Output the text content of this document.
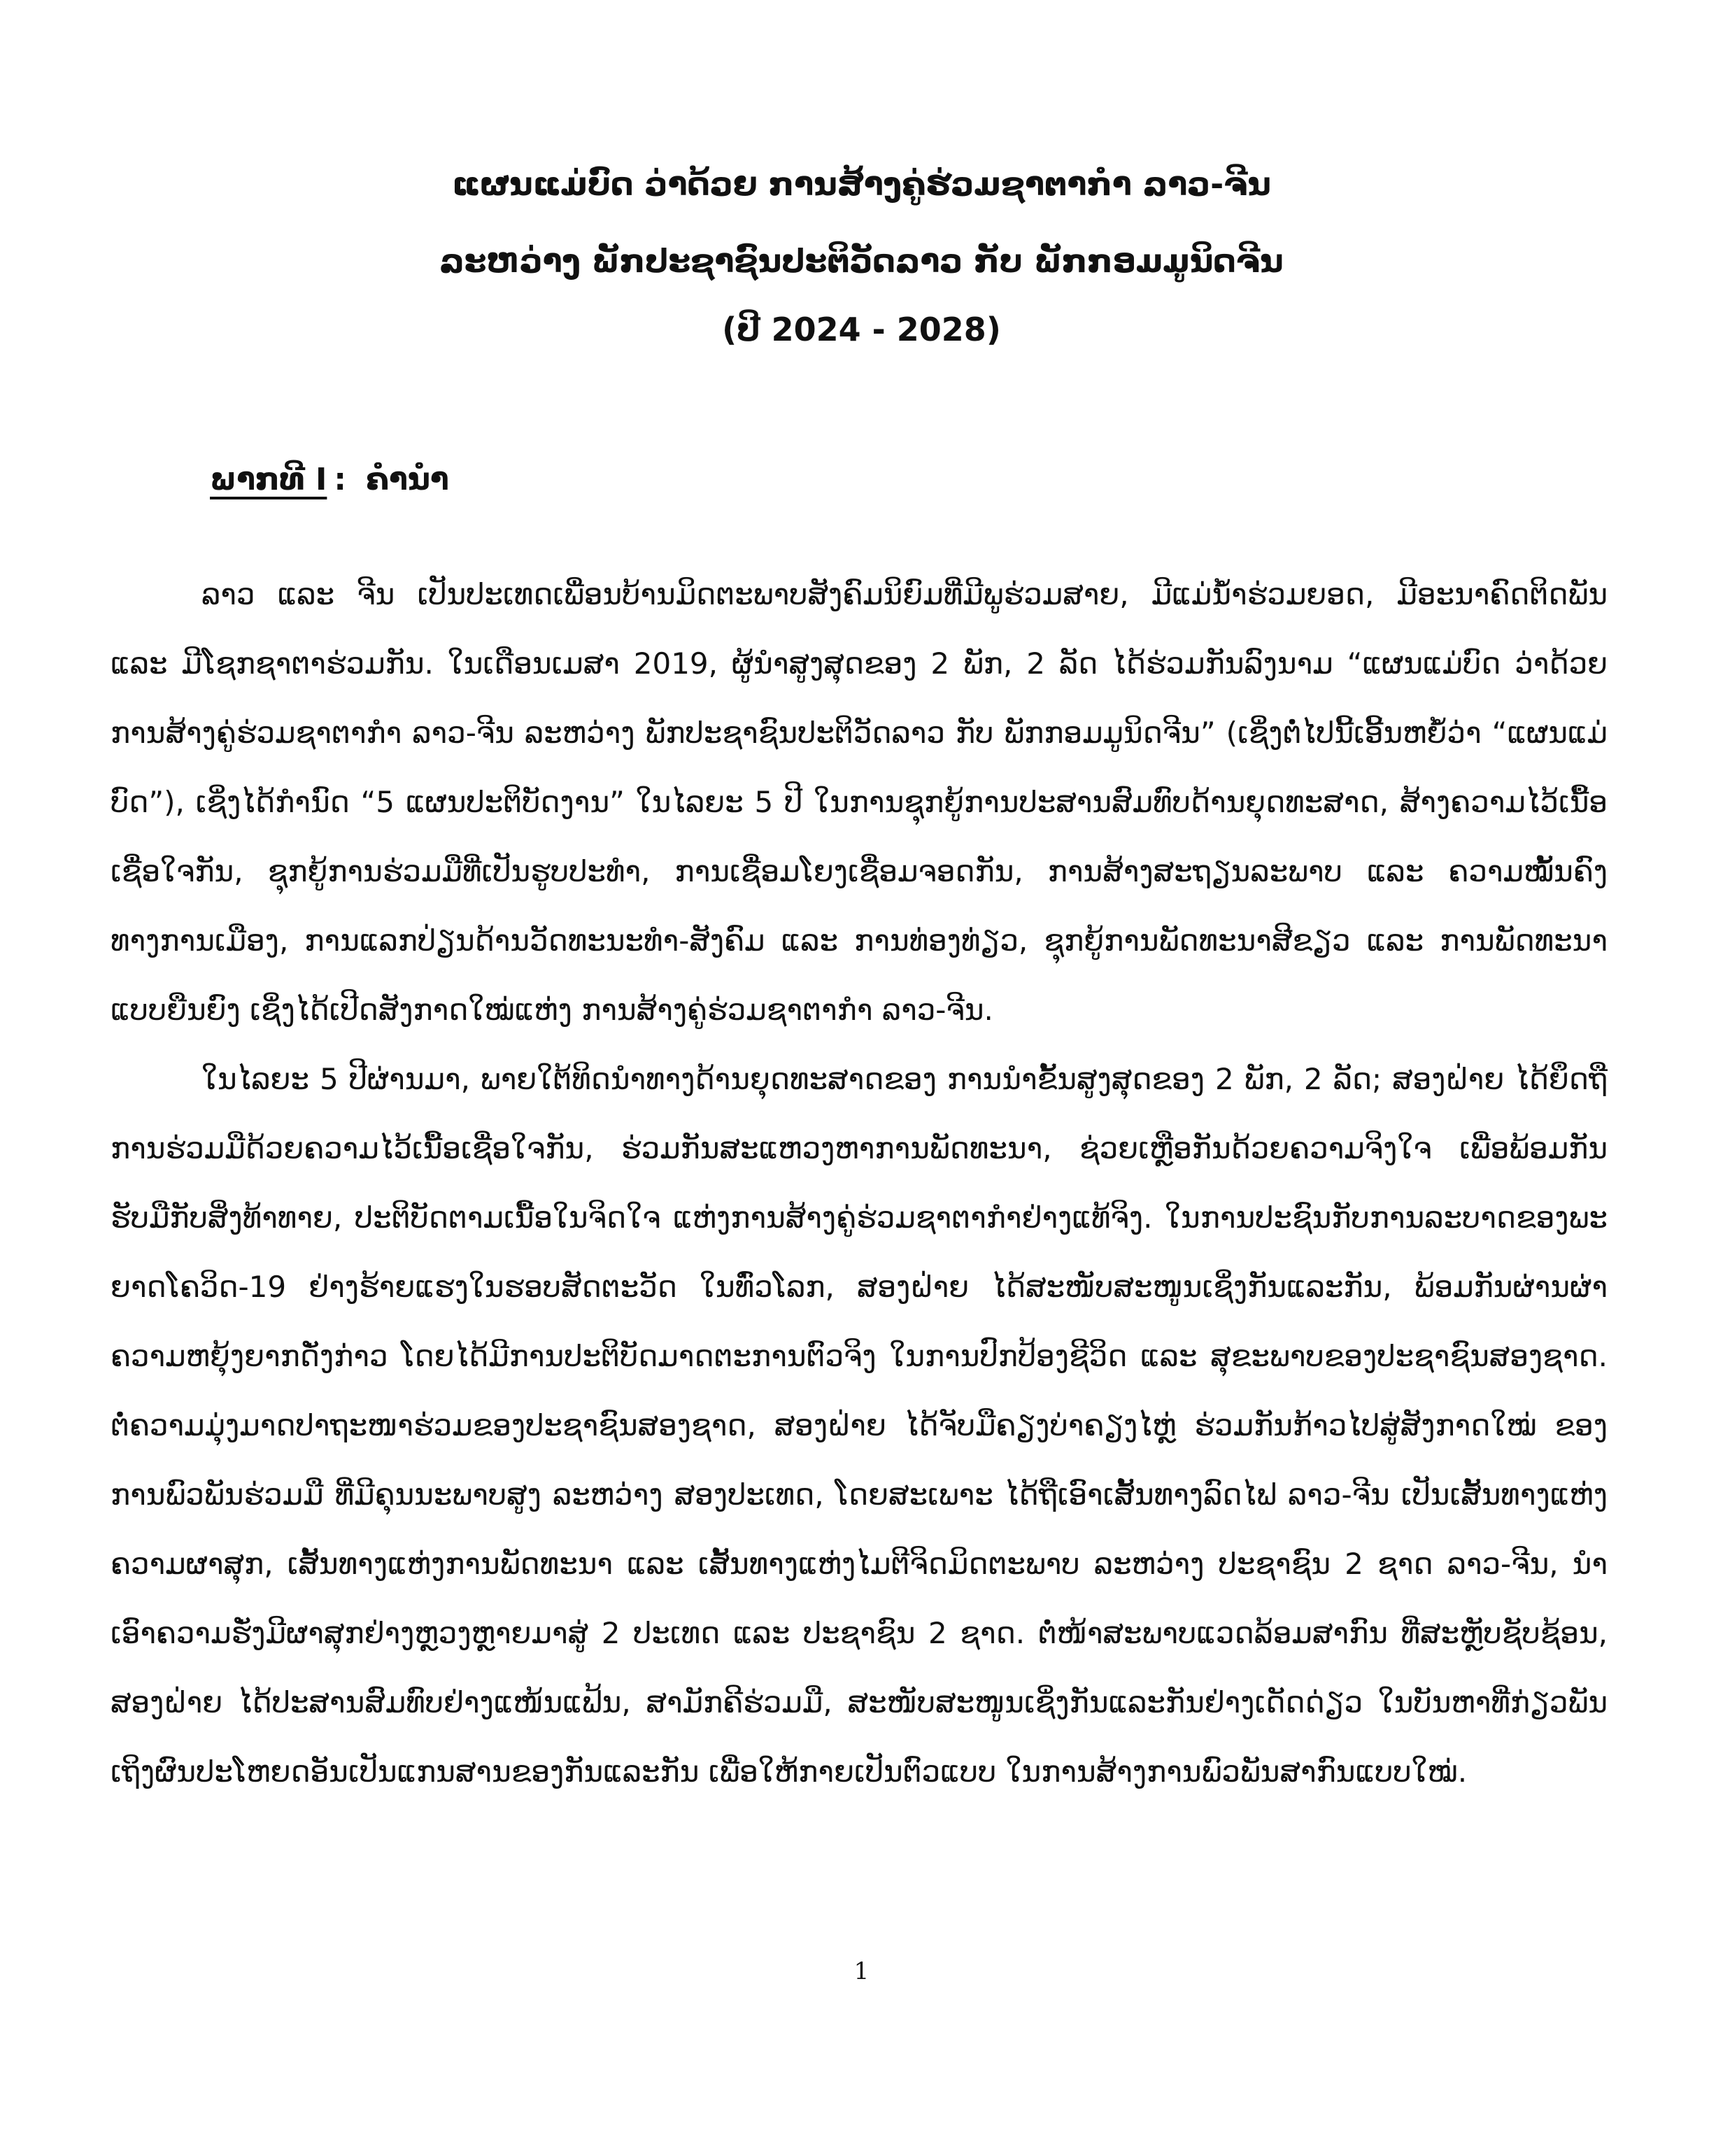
ແຜນແມ່ບົດ ວ່າດ້ວຍ ການສ້າງຄູ່ຮ່ວມຊາຕາກຳ ລາວ-ຈີນ
ລະຫວ່າງ ພັກປະຊາຊົນປະຕິວັດລາວ ກັບ ພັກກອມມູນິດຈີນ
(ປີ 2024 - 2028)
ພາກທີ I : ຄຳນຳ

ລາວ ແລະ ຈີນ ເປັນປະເທດເພື່ອນບ້ານມິດຕະພາບສັງຄົມນິຍົມທີ່ມີພູຮ່ວມສາຍ, ມີແມ່ນ້ຳຮ່ວມຍອດ, ມີອະນາຄົດຕິດພັນ ແລະ ມີໂຊກຊາຕາຮ່ວມກັນ. ໃນເດືອນເມສາ 2019, ຜູ້ນຳສູງສຸດຂອງ 2 ພັກ, 2 ລັດ ໄດ້ຮ່ວມກັນລົງນາມ “ແຜນແມ່ບົດ ວ່າດ້ວຍ ການສ້າງຄູ່ຮ່ວມຊາຕາກຳ ລາວ-ຈີນ ລະຫວ່າງ ພັກປະຊາຊົນປະຕິວັດລາວ ກັບ ພັກກອມມູນິດຈີນ” (ເຊິ່ງຕໍ່ໄປນີ້ເອີ້ນຫຍໍ້ວ່າ “ແຜນແມ່ບົດ”), ເຊິ່ງໄດ້ກຳນົດ “5 ແຜນປະຕິບັດງານ” ໃນໄລຍະ 5 ປີ ໃນການຊຸກຍູ້ການປະສານສົມທົບດ້ານຍຸດທະສາດ, ສ້າງຄວາມໄວ້ເນື້ອເຊື່ອໃຈກັນ, ຊຸກຍູ້ການຮ່ວມມືທີ່ເປັນຮູບປະທຳ, ການເຊື່ອມໂຍງເຊື່ອມຈອດກັນ, ການສ້າງສະຖຽນລະພາບ ແລະ ຄວາມໝັ້ນຄົງທາງການເມືອງ, ການແລກປ່ຽນດ້ານວັດທະນະທຳ-ສັງຄົມ ແລະ ການທ່ອງທ່ຽວ, ຊຸກຍູ້ການພັດທະນາສີຂຽວ ແລະ ການພັດທະນາແບບຍືນຍົງ ເຊິ່ງໄດ້ເປີດສັງກາດໃໝ່ແຫ່ງ ການສ້າງຄູ່ຮ່ວມຊາຕາກຳ ລາວ-ຈີນ.

ໃນໄລຍະ 5 ປີຜ່ານມາ, ພາຍໃຕ້ທິດນຳທາງດ້ານຍຸດທະສາດຂອງ ການນຳຂັ້ນສູງສຸດຂອງ 2 ພັກ, 2 ລັດ; ສອງຝ່າຍ ໄດ້ຍຶດຖືການຮ່ວມມືດ້ວຍຄວາມໄວ້ເນື້ອເຊື່ອໃຈກັນ, ຮ່ວມກັນສະແຫວງຫາການພັດທະນາ, ຊ່ວຍເຫຼືອກັນດ້ວຍຄວາມຈິງໃຈ ເພື່ອພ້ອມກັນຮັບມືກັບສິ່ງທ້າທາຍ, ປະຕິບັດຕາມເນື້ອໃນຈິດໃຈ ແຫ່ງການສ້າງຄູ່ຮ່ວມຊາຕາກຳຢ່າງແທ້ຈິງ. ໃນການປະຊົນກັບການລະບາດຂອງພະຍາດໂຄວິດ-19 ຢ່າງຮ້າຍແຮງໃນຮອບສັດຕະວັດ ໃນທົ່ວໂລກ, ສອງຝ່າຍ ໄດ້ສະໜັບສະໜູນເຊິ່ງກັນແລະກັນ, ພ້ອມກັນຜ່ານຜ່າຄວາມຫຍຸ້ງຍາກດັ່ງກ່າວ ໂດຍໄດ້ມີການປະຕິບັດມາດຕະການຕົວຈິງ ໃນການປົກປ້ອງຊີວິດ ແລະ ສຸຂະພາບຂອງປະຊາຊົນສອງຊາດ. ຕໍ່ຄວາມມຸ່ງມາດປາຖະໜາຮ່ວມຂອງປະຊາຊົນສອງຊາດ, ສອງຝ່າຍ ໄດ້ຈັບມືຄຽງບ່າຄຽງໄຫຼ່ ຮ່ວມກັນກ້າວໄປສູ່ສັງກາດໃໝ່ ຂອງ ການພົວພັນຮ່ວມມື ທີ່ມີຄຸນນະພາບສູງ ລະຫວ່າງ ສອງປະເທດ, ໂດຍສະເພາະ ໄດ້ຖືເອົາເສັ້ນທາງລົດໄຟ ລາວ-ຈີນ ເປັນເສັ້ນທາງແຫ່ງຄວາມຜາສຸກ, ເສັ້ນທາງແຫ່ງການພັດທະນາ ແລະ ເສັ້ນທາງແຫ່ງໄມຕີຈິດມິດຕະພາບ ລະຫວ່າງ ປະຊາຊົນ 2 ຊາດ ລາວ-ຈີນ, ນຳເອົາຄວາມຮັ່ງມີຜາສຸກຢ່າງຫຼວງຫຼາຍມາສູ່ 2 ປະເທດ ແລະ ປະຊາຊົນ 2 ຊາດ. ຕໍ່ໜ້າສະພາບແວດລ້ອມສາກົນ ທີ່ສະຫຼັບຊັບຊ້ອນ, ສອງຝ່າຍ ໄດ້ປະສານສົມທົບຢ່າງແໜ້ນແຟ້ນ, ສາມັກຄີຮ່ວມມື, ສະໜັບສະໜູນເຊິ່ງກັນແລະກັນຢ່າງເດັດດ່ຽວ ໃນບັນຫາທີ່ກ່ຽວພັນເຖິງຜົນປະໂຫຍດອັນເປັນແກນສານຂອງກັນແລະກັນ ເພື່ອໃຫ້ກາຍເປັນຕົວແບບ ໃນການສ້າງການພົວພັນສາກົນແບບໃໝ່.

1
